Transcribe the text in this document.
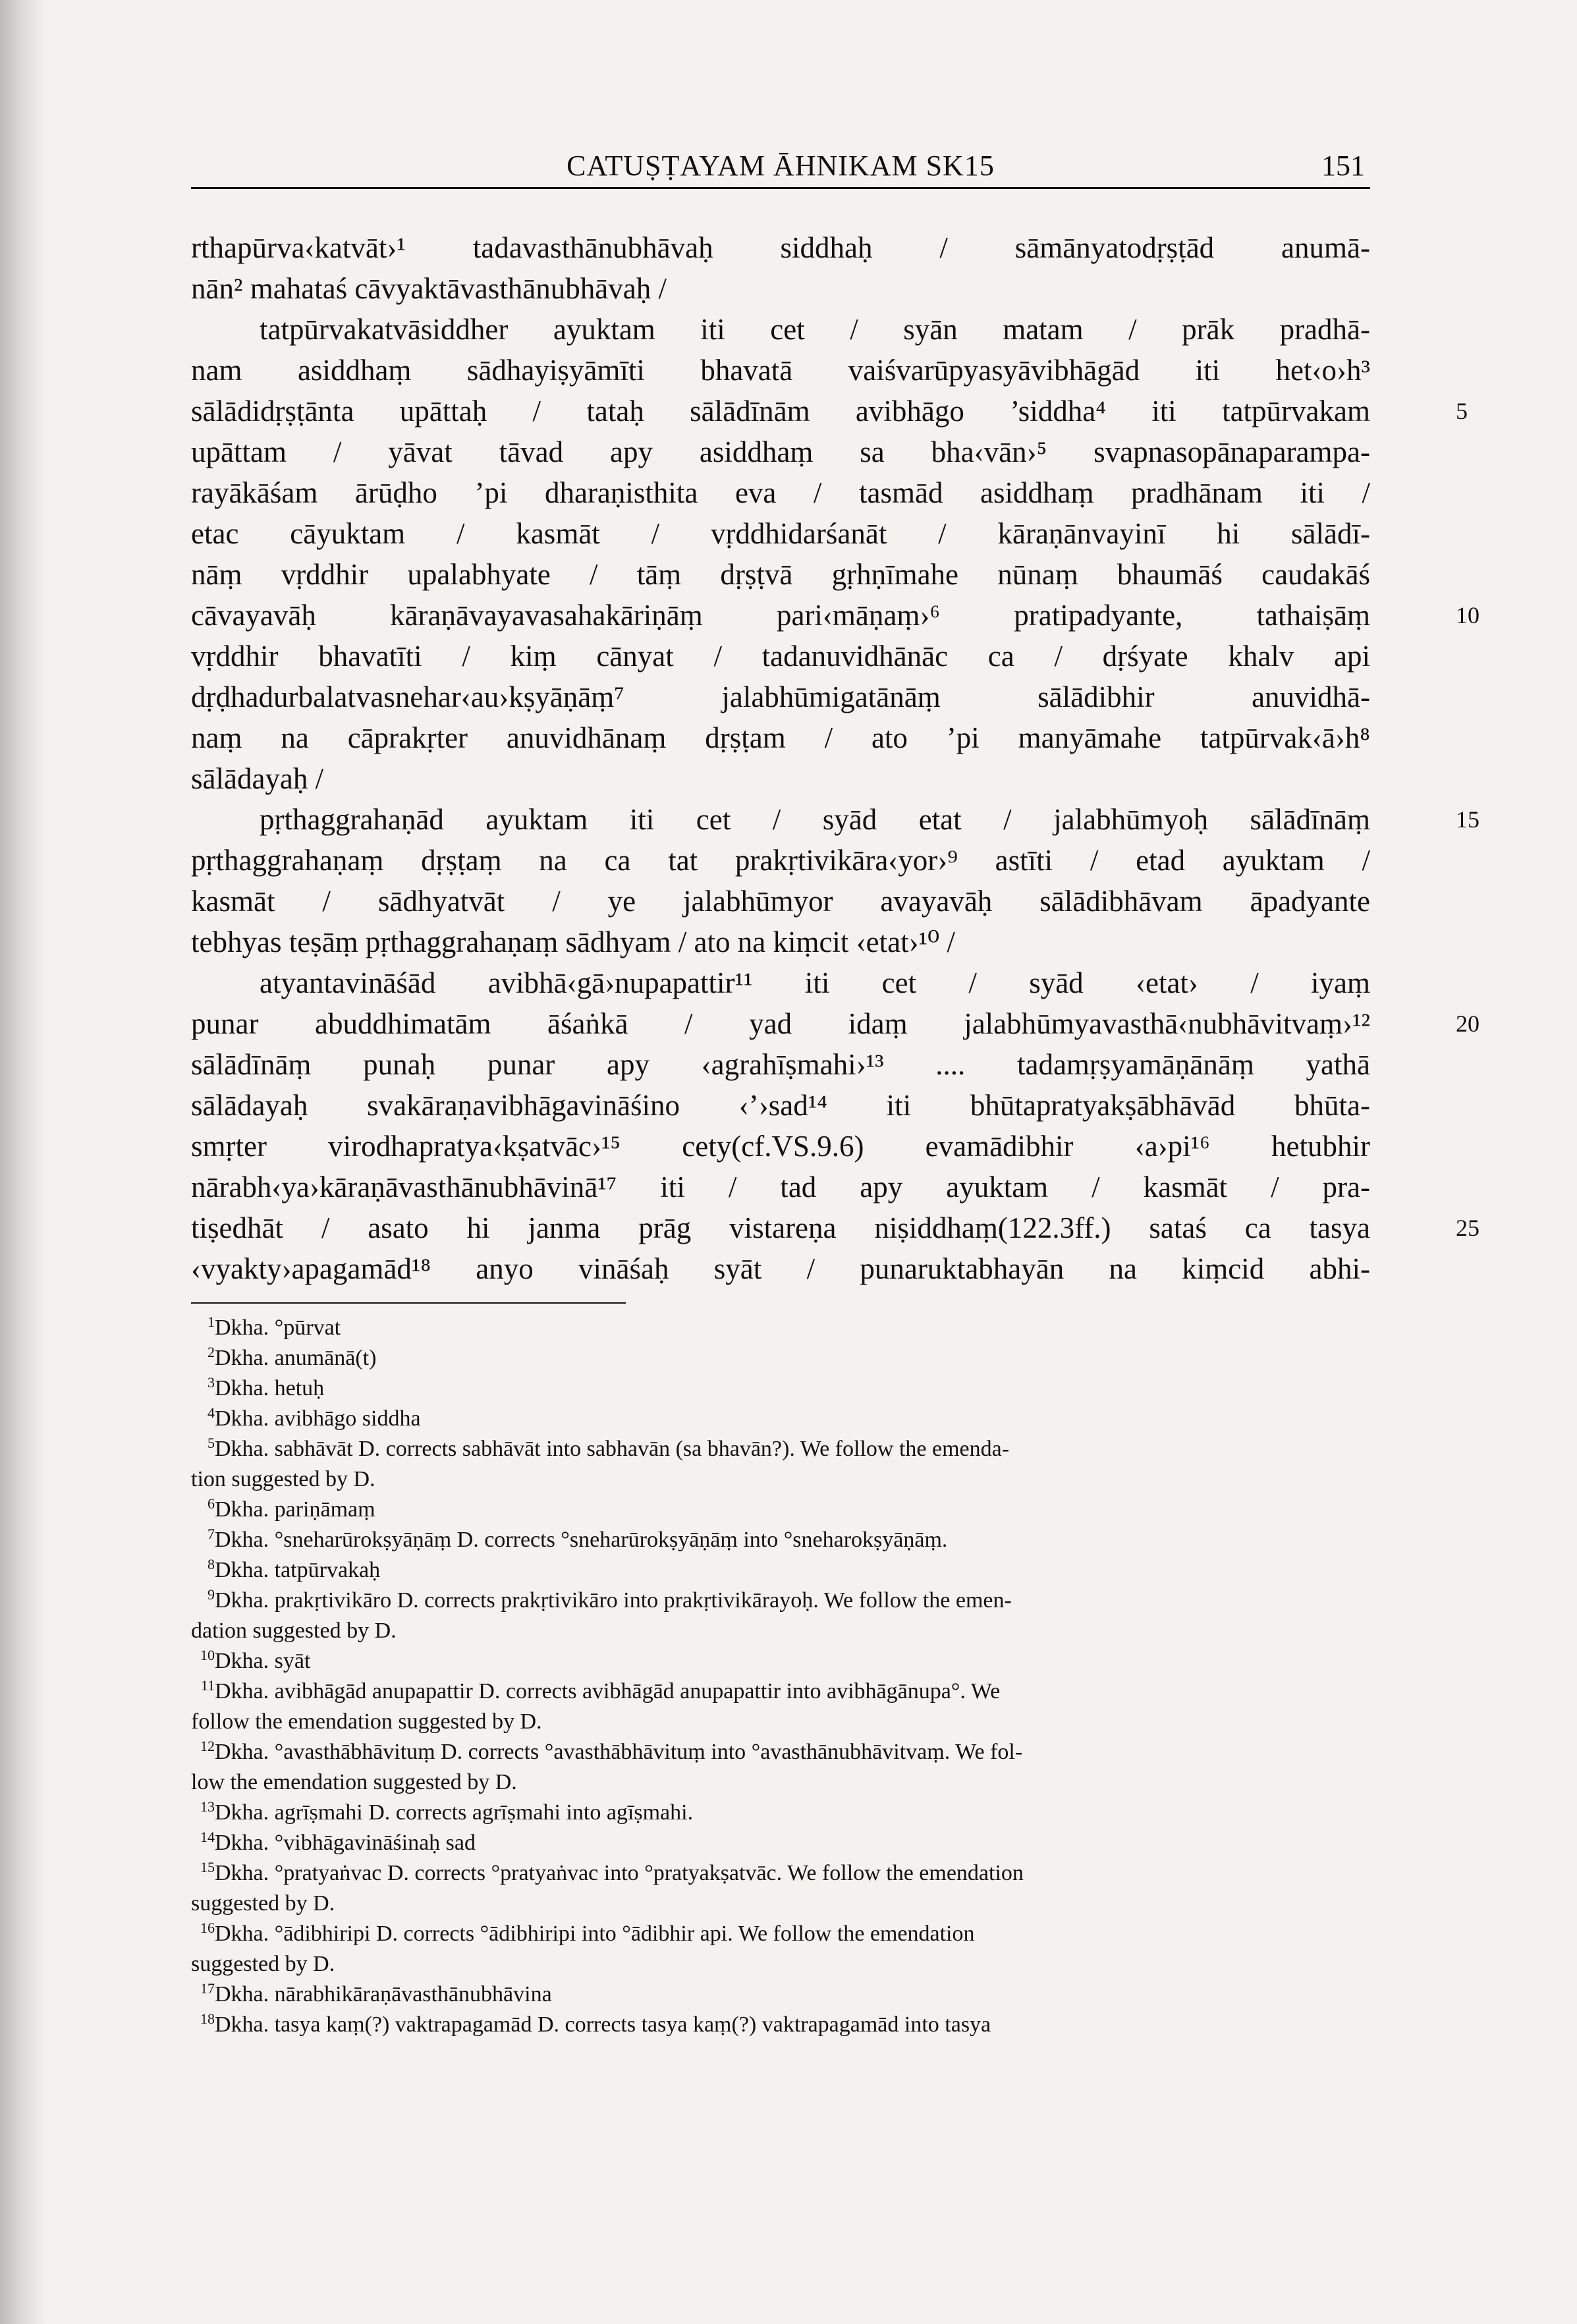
CATUṢṬAYAM ĀHNIKAM SK15	151
rthapūrva‹katvāt›¹ tadavasthānubhāvaḥ siddhaḥ / sāmānyatodṛṣṭād anumā-
nān² mahataś cāvyaktāvasthānubhāvaḥ /
tatpūrvakatvāsiddher ayuktam iti cet / syān matam / prāk pradhā-
nam asiddhaṃ sādhayiṣyāmīti bhavatā vaiśvarūpyasyāvibhāgād iti het‹o›h³
sālādidṛṣṭānta upāttaḥ / tataḥ sālādīnām avibhāgo ’siddha⁴ iti tatpūrvakam	5
upāttam / yāvat tāvad apy asiddhaṃ sa bha‹vān›⁵ svapnasopānaparampa-
rayākāśam ārūḍho ’pi dharaṇisthita eva / tasmād asiddhaṃ pradhānam iti /
etac cāyuktam / kasmāt / vṛddhidarśanāt / kāraṇānvayinī hi sālādī-
nāṃ vṛddhir upalabhyate / tāṃ dṛṣṭvā gṛhṇīmahe nūnaṃ bhaumāś caudakāś
cāvayavāḥ kāraṇāvayavasahakāriṇāṃ pari‹māṇaṃ›⁶ pratipadyante, tathaiṣāṃ	10
vṛddhir bhavatīti / kiṃ cānyat / tadanuvidhānāc ca / dṛśyate khalv api
dṛḍhadurbalatvasnehar‹au›kṣyāṇāṃ⁷ jalabhūmigatānāṃ sālādibhir anuvidhā-
naṃ na cāprakṛter anuvidhānaṃ dṛṣṭam / ato ’pi manyāmahe tatpūrvak‹ā›h⁸
sālādayaḥ /
pṛthaggrahaṇād ayuktam iti cet / syād etat / jalabhūmyoḥ sālādīnāṃ	15
pṛthaggrahaṇaṃ dṛṣṭaṃ na ca tat prakṛtivikāra‹yor›⁹ astīti / etad ayuktam /
kasmāt / sādhyatvāt / ye jalabhūmyor avayavāḥ sālādibhāvam āpadyante
tebhyas teṣāṃ pṛthaggrahaṇaṃ sādhyam / ato na kiṃcit ‹etat›¹⁰ /
atyantavināśād avibhā‹gā›nupapattir¹¹ iti cet / syād ‹etat› / iyaṃ
punar abuddhimatām āśaṅkā / yad idaṃ jalabhūmyavasthā‹nubhāvitvaṃ›¹²	20
sālādīnāṃ punaḥ punar apy ‹agrahīṣmahi›¹³ .... tadamṛṣyamāṇānāṃ yathā
sālādayaḥ svakāraṇavibhāgavināśino ‹’›sad¹⁴ iti bhūtapratyakṣābhāvād bhūta-
smṛter virodhapratya‹kṣatvāc›¹⁵ cety(cf.VS.9.6) evamādibhir ‹a›pi¹⁶ hetubhir
nārabh‹ya›kāraṇāvasthānubhāvinā¹⁷ iti / tad apy ayuktam / kasmāt / pra-
tiṣedhāt / asato hi janma prāg vistareṇa niṣiddhaṃ(122.3ff.) sataś ca tasya	25
‹vyakty›apagamād¹⁸ anyo vināśaḥ syāt / punaruktabhayān na kiṃcid abhi-
1Dkha. °pūrvat
2Dkha. anumānā(t)
3Dkha. hetuḥ
4Dkha. avibhāgo siddha
5Dkha. sabhāvāt D. corrects sabhāvāt into sabhavān (sa bhavān?). We follow the emenda-
tion suggested by D.
6Dkha. pariṇāmaṃ
7Dkha. °sneharūrokṣyāṇāṃ D. corrects °sneharūrokṣyāṇāṃ into °sneharokṣyāṇāṃ.
8Dkha. tatpūrvakaḥ
9Dkha. prakṛtivikāro D. corrects prakṛtivikāro into prakṛtivikārayoḥ. We follow the emen-
dation suggested by D.
10Dkha. syāt
11Dkha. avibhāgād anupapattir D. corrects avibhāgād anupapattir into avibhāgānupa°. We
follow the emendation suggested by D.
12Dkha. °avasthābhāvituṃ D. corrects °avasthābhāvituṃ into °avasthānubhāvitvaṃ. We fol-
low the emendation suggested by D.
13Dkha. agrīṣmahi D. corrects agrīṣmahi into agīṣmahi.
14Dkha. °vibhāgavināśinaḥ sad
15Dkha. °pratyaṅvac D. corrects °pratyaṅvac into °pratyakṣatvāc. We follow the emendation
suggested by D.
16Dkha. °ādibhiripi D. corrects °ādibhiripi into °ādibhir api. We follow the emendation
suggested by D.
17Dkha. nārabhikāraṇāvasthānubhāvina
18Dkha. tasya kaṃ(?) vaktrapagamād D. corrects tasya kaṃ(?) vaktrapagamād into tasya
